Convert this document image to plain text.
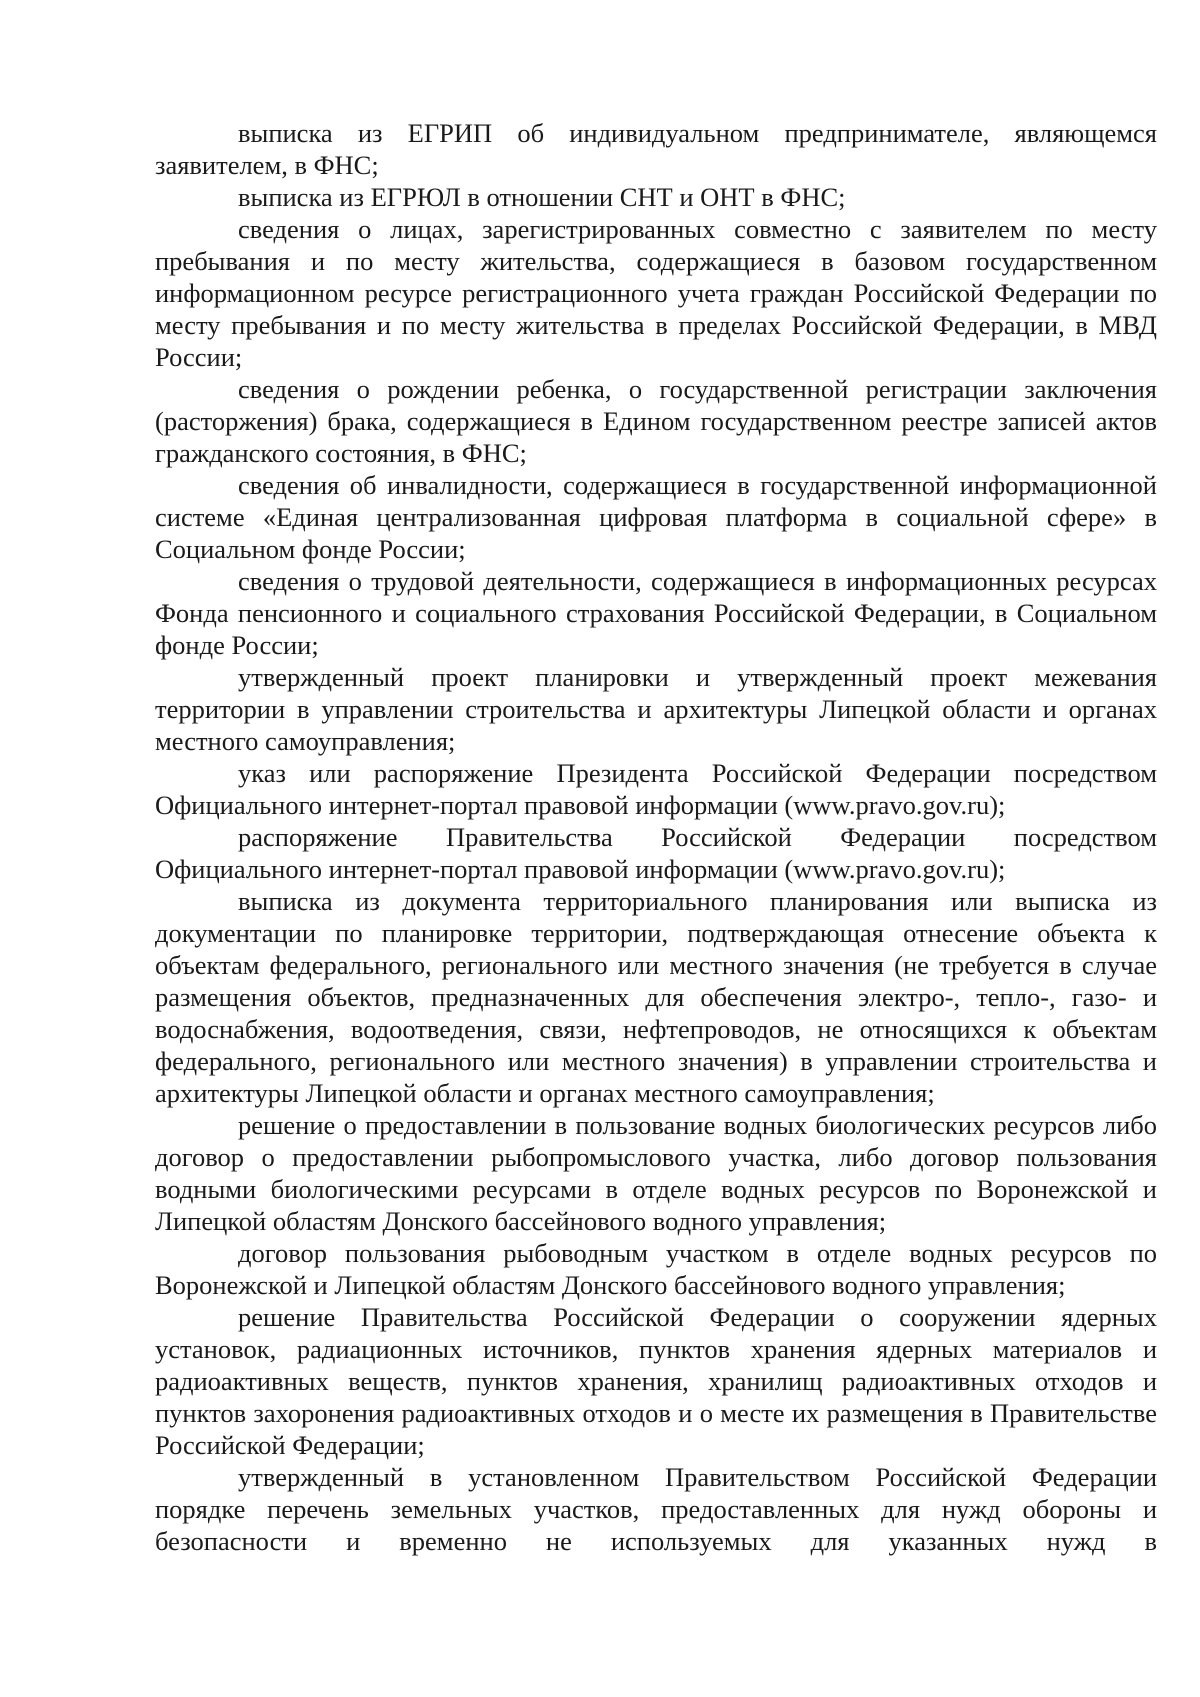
выписка из ЕГРИП об индивидуальном предпринимателе, являющемся заявителем, в ФНС;

выписка из ЕГРЮЛ в отношении СНТ и ОНТ в ФНС;

сведения о лицах, зарегистрированных совместно с заявителем по месту пребывания и по месту жительства, содержащиеся в базовом государственном информационном ресурсе регистрационного учета граждан Российской Федерации по месту пребывания и по месту жительства в пределах Российской Федерации, в МВД России;

сведения о рождении ребенка, о государственной регистрации заключения (расторжения) брака, содержащиеся в Едином государственном реестре записей актов гражданского состояния, в ФНС;

сведения об инвалидности, содержащиеся в государственной информационной системе «Единая централизованная цифровая платформа в социальной сфере» в Социальном фонде России;

сведения о трудовой деятельности, содержащиеся в информационных ресурсах Фонда пенсионного и социального страхования Российской Федерации, в Социальном фонде России;

утвержденный проект планировки и утвержденный проект межевания территории в управлении строительства и архитектуры Липецкой области и органах местного самоуправления;

указ или распоряжение Президента Российской Федерации посредством Официального интернет-портал правовой информации (www.pravo.gov.ru);

распоряжение Правительства Российской Федерации посредством Официального интернет-портал правовой информации (www.pravo.gov.ru);

выписка из документа территориального планирования или выписка из документации по планировке территории, подтверждающая отнесение объекта к объектам федерального, регионального или местного значения (не требуется в случае размещения объектов, предназначенных для обеспечения электро-, тепло-, газо- и водоснабжения, водоотведения, связи, нефтепроводов, не относящихся к объектам федерального, регионального или местного значения) в управлении строительства и архитектуры Липецкой области и органах местного самоуправления;

решение о предоставлении в пользование водных биологических ресурсов либо договор о предоставлении рыбопромыслового участка, либо договор пользования водными биологическими ресурсами в отделе водных ресурсов по Воронежской и Липецкой областям Донского бассейнового водного управления;

договор пользования рыбоводным участком в отделе водных ресурсов по Воронежской и Липецкой областям Донского бассейнового водного управления;

решение Правительства Российской Федерации о сооружении ядерных установок, радиационных источников, пунктов хранения ядерных материалов и радиоактивных веществ, пунктов хранения, хранилищ радиоактивных отходов и пунктов захоронения радиоактивных отходов и о месте их размещения в Правительстве Российской Федерации;

утвержденный в установленном Правительством Российской Федерации порядке перечень земельных участков, предоставленных для нужд обороны и безопасности и временно не используемых для указанных нужд в
